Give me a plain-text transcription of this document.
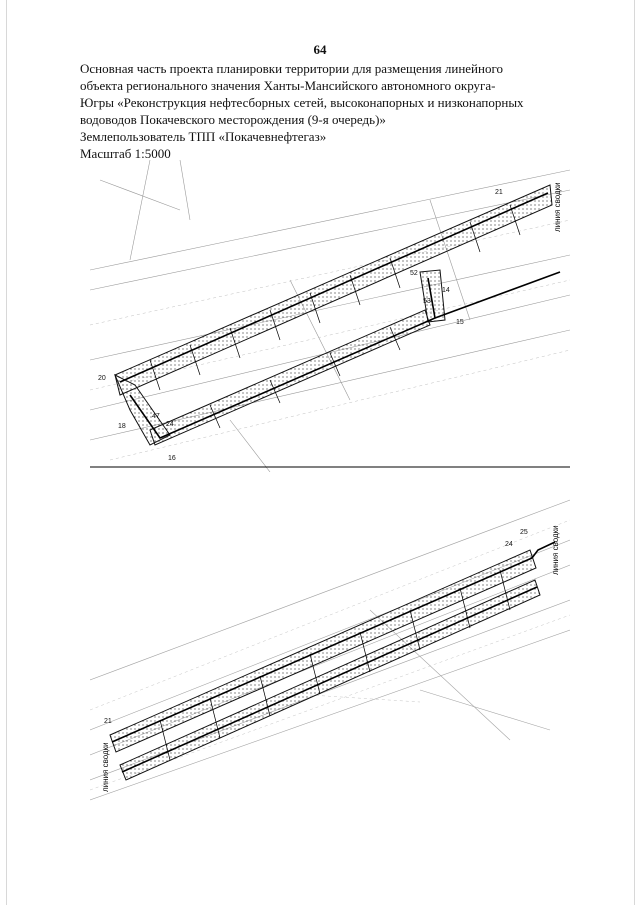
64

Основная часть проекта планировки территории для размещения линейного

объекта регионального значения Ханты-Мансийского автономного округа-

Югры «Реконструкция нефтесборных сетей, высоконапорных и низконапорных

водоводов Покачевского месторождения (9-я очередь)»

Землепользователь ТПП «Покачевнефтегаз»

Масштаб 1:5000

21
52
14
53
15
20
47
24
16
18
линия сводки
25
24
21
линия сводки
линия сводки
